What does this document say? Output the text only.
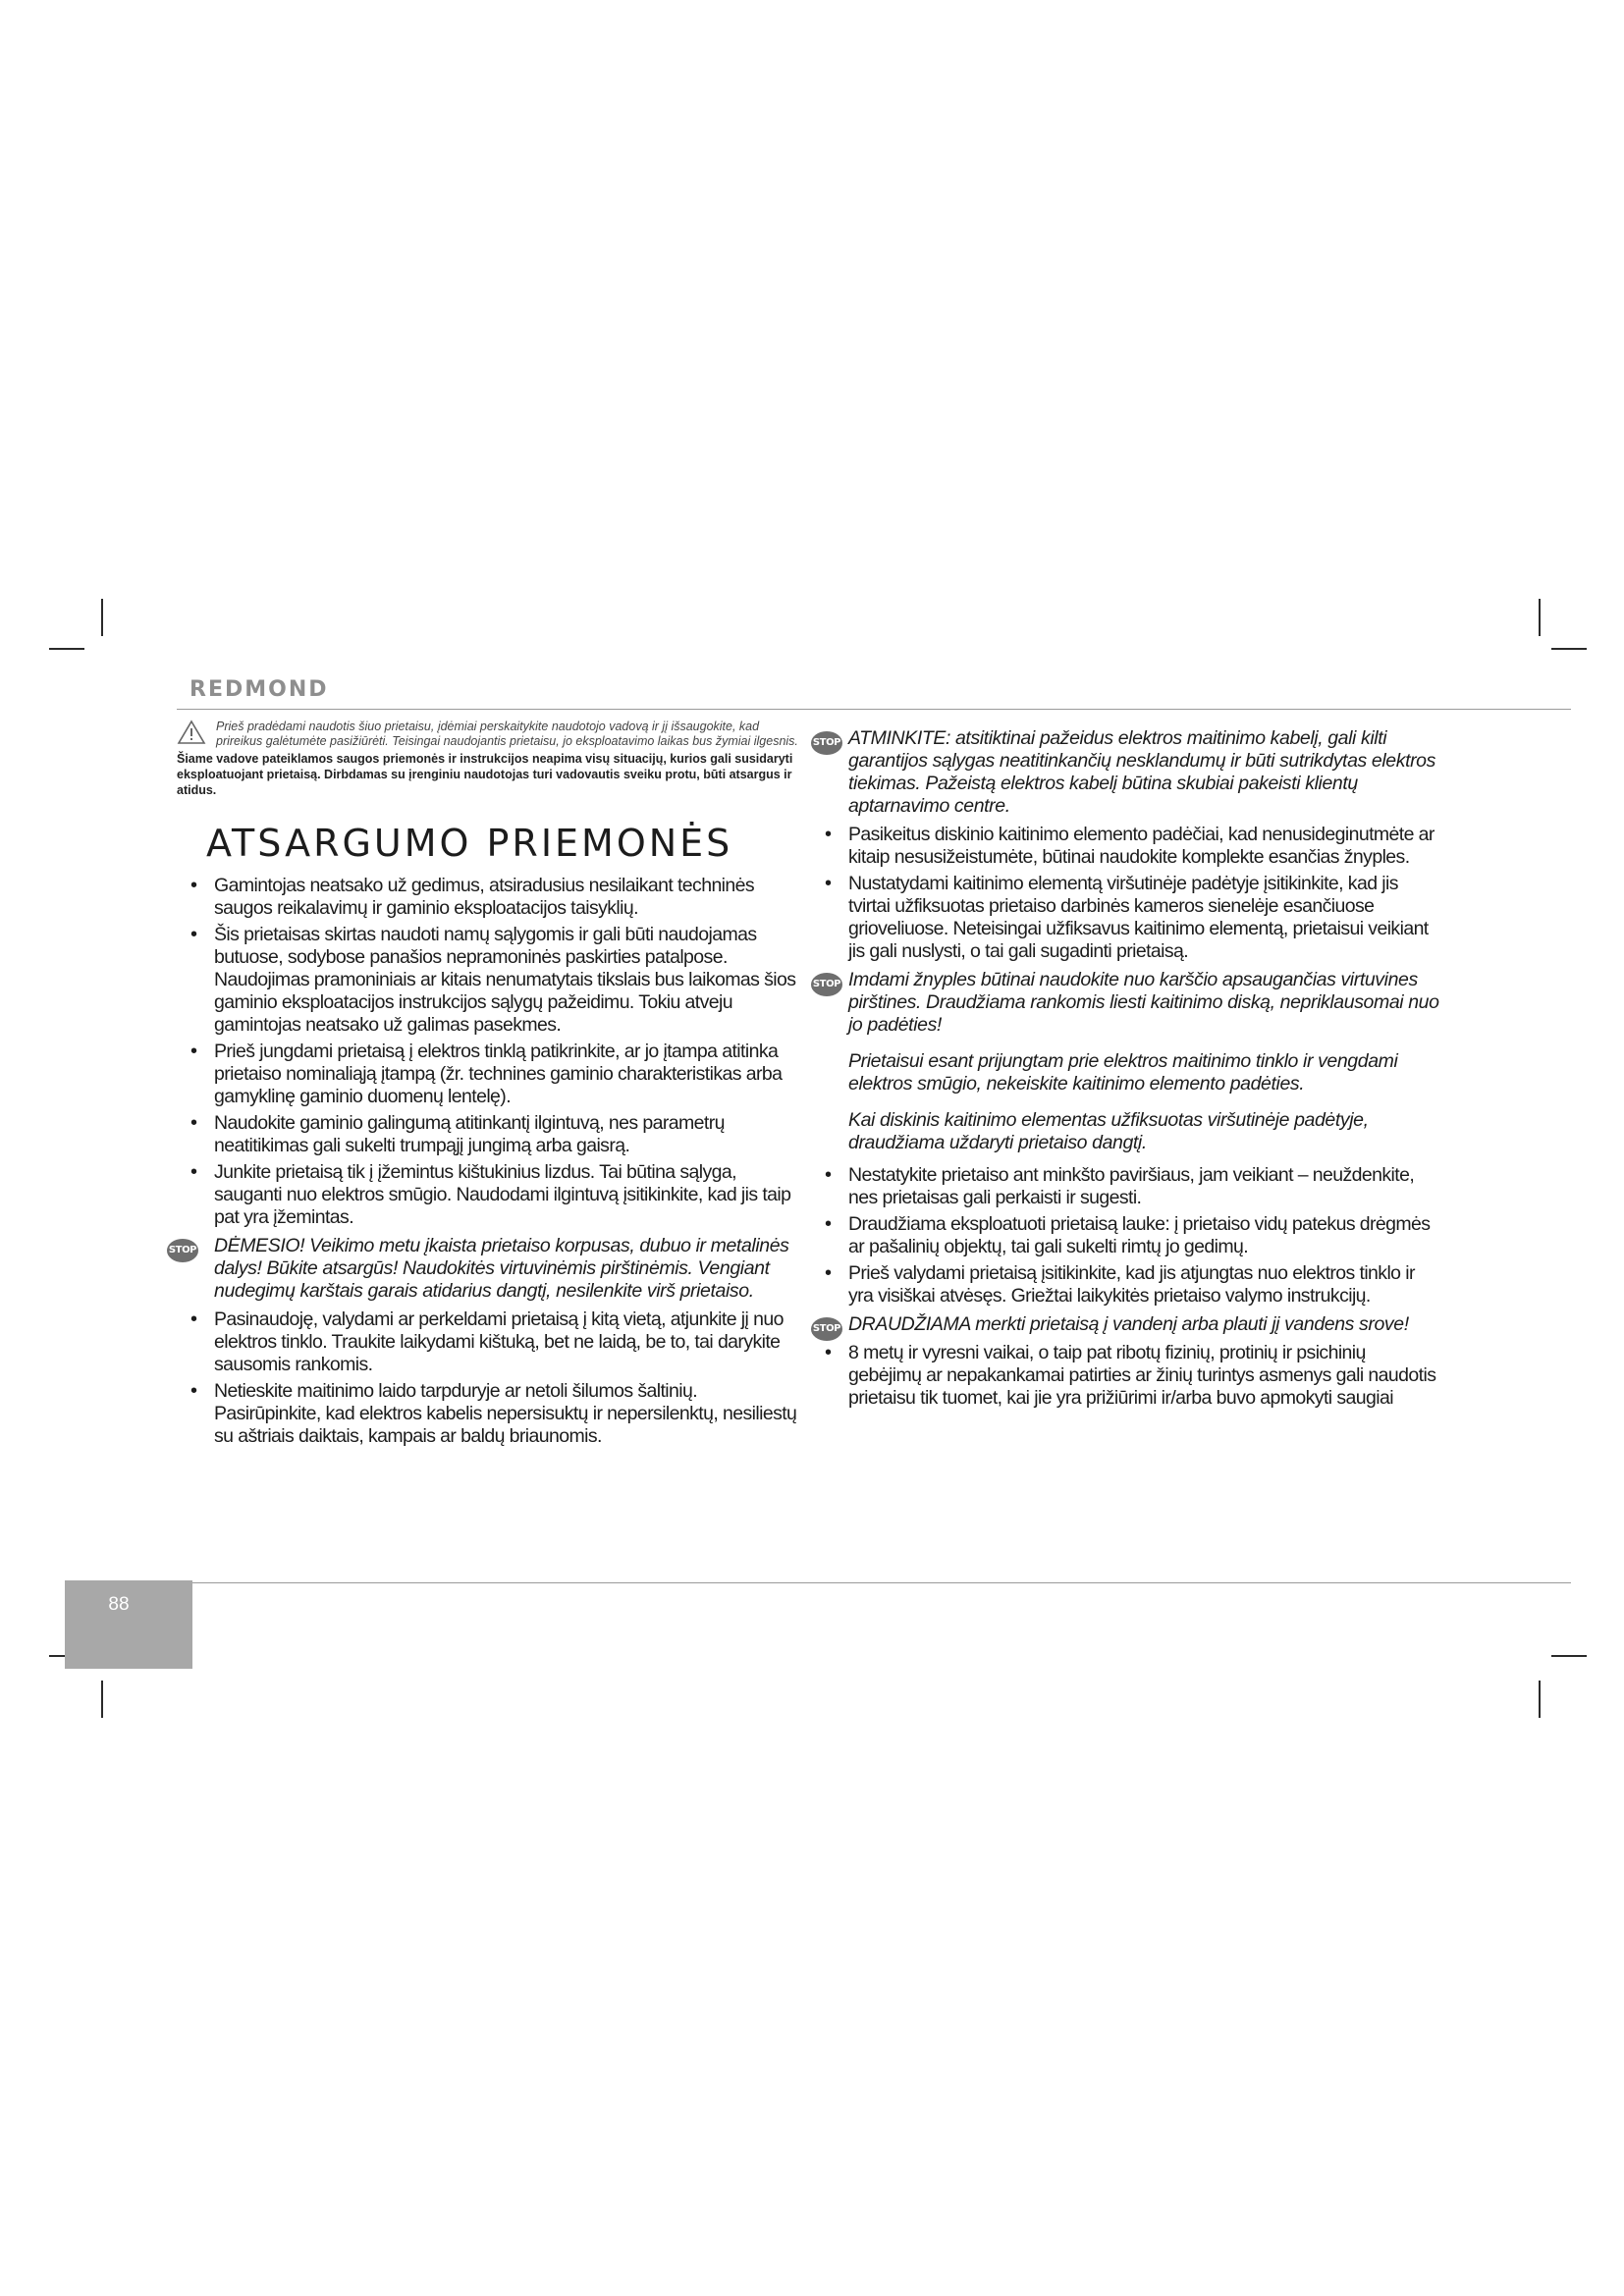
REDMOND

Prieš pradėdami naudotis šiuo prietaisu, įdėmiai perskaitykite naudotojo vadovą ir jį išsaugokite, kad prireikus galėtumėte pasižiūrėti. Teisingai naudojantis prietaisu, jo eksploatavimo laikas bus žymiai ilgesnis.

Šiame vadove pateiklamos saugos priemonės ir instrukcijos neapima visų situacijų, kurios gali susidaryti eksploatuojant prietaisą. Dirbdamas su įrenginiu naudotojas turi vadovautis sveiku protu, būti atsargus ir atidus.

ATSARGUMO PRIEMONĖS
• Gamintojas neatsako už gedimus, atsiradusius nesilaikant techninės saugos reikalavimų ir gaminio eksploatacijos taisyklių.
• Šis prietaisas skirtas naudoti namų sąlygomis ir gali būti naudojamas butuose, sodybose panašios nepramoninės paskirties patalpose. Naudojimas pramoniniais ar kitais nenumatytais tikslais bus laikomas šios gaminio eksploatacijos instrukcijos sąlygų pažeidimu. Tokiu atveju gamintojas neatsako už galimas pasekmes.
• Prieš jungdami prietaisą į elektros tinklą patikrinkite, ar jo įtampa atitinka prietaiso nominaliąją įtampą (žr. technines gaminio charakteristikas arba gamyklinę gaminio duomenų lentelę).
• Naudokite gaminio galingumą atitinkantį ilgintuvą, nes parametrų neatitikimas gali sukelti trumpąjį jungimą arba gaisrą.
• Junkite prietaisą tik į įžemintus kištukinius lizdus. Tai būtina sąlyga, sauganti nuo elektros smūgio. Naudodami ilgintuvą įsitikinkite, kad jis taip pat yra įžemintas.
STOP DĖMESIO! Veikimo metu įkaista prietaiso korpusas, dubuo ir metalinės dalys! Būkite atsargūs! Naudokitės virtuvinėmis pirštinėmis. Vengiant nudegimų karštais garais atidarius dangtį, nesilenkite virš prietaiso.
• Pasinaudoję, valydami ar perkeldami prietaisą į kitą vietą, atjunkite jį nuo elektros tinklo. Traukite laikydami kištuką, bet ne laidą, be to, tai darykite sausomis rankomis.
• Netieskite maitinimo laido tarpduryje ar netoli šilumos šaltinių. Pasirūpinkite, kad elektros kabelis nepersisuktų ir nepersilenktų, nesiliestų su aštriais daiktais, kampais ar baldų briaunomis.
STOP ATMINKITE: atsitiktinai pažeidus elektros maitinimo kabelį, gali kilti garantijos sąlygas neatitinkančių nesklandumų ir būti sutrikdytas elektros tiekimas. Pažeistą elektros kabelį būtina skubiai pakeisti klientų aptarnavimo centre.
• Pasikeitus diskinio kaitinimo elemento padėčiai, kad nenusideginutmėte ar kitaip nesusižeistumėte, būtinai naudokite komplekte esančias žnyples.
• Nustatydami kaitinimo elementą viršutinėje padėtyje įsitikinkite, kad jis tvirtai užfiksuotas prietaiso darbinės kameros sienelėje esančiuose grioveliuose. Neteisingai užfiksavus kaitinimo elementą, prietaisui veikiant jis gali nuslysti, o tai gali sugadinti prietaisą.
STOP Imdami žnyples būtinai naudokite nuo karščio apsaugančias virtuvines pirštines. Draudžiama rankomis liesti kaitinimo diską, nepriklausomai nuo jo padėties!

Prietaisui esant prijungtam prie elektros maitinimo tinklo ir vengdami elektros smūgio, nekeiskite kaitinimo elemento padėties.

Kai diskinis kaitinimo elementas užfiksuotas viršutinėje padėtyje, draudžiama uždaryti prietaiso dangtį.

• Nestatykite prietaiso ant minkšto paviršiaus, jam veikiant – neuždenkite, nes prietaisas gali perkaisti ir sugesti.
• Draudžiama eksploatuoti prietaisą lauke: į prietaiso vidų patekus drėgmės ar pašalinių objektų, tai gali sukelti rimtų jo gedimų.
• Prieš valydami prietaisą įsitikinkite, kad jis atjungtas nuo elektros tinklo ir yra visiškai atvėsęs. Griežtai laikykitės prietaiso valymo instrukcijų.
STOP DRAUDŽIAMA merkti prietaisą į vandenį arba plauti jį vandens srove!
• 8 metų ir vyresni vaikai, o taip pat ribotų fizinių, protinių ir psichinių gebėjimų ar nepakankamai patirties ar žinių turintys asmenys gali naudotis prietaisu tik tuomet, kai jie yra prižiūrimi ir/arba buvo apmokyti saugiai
88
